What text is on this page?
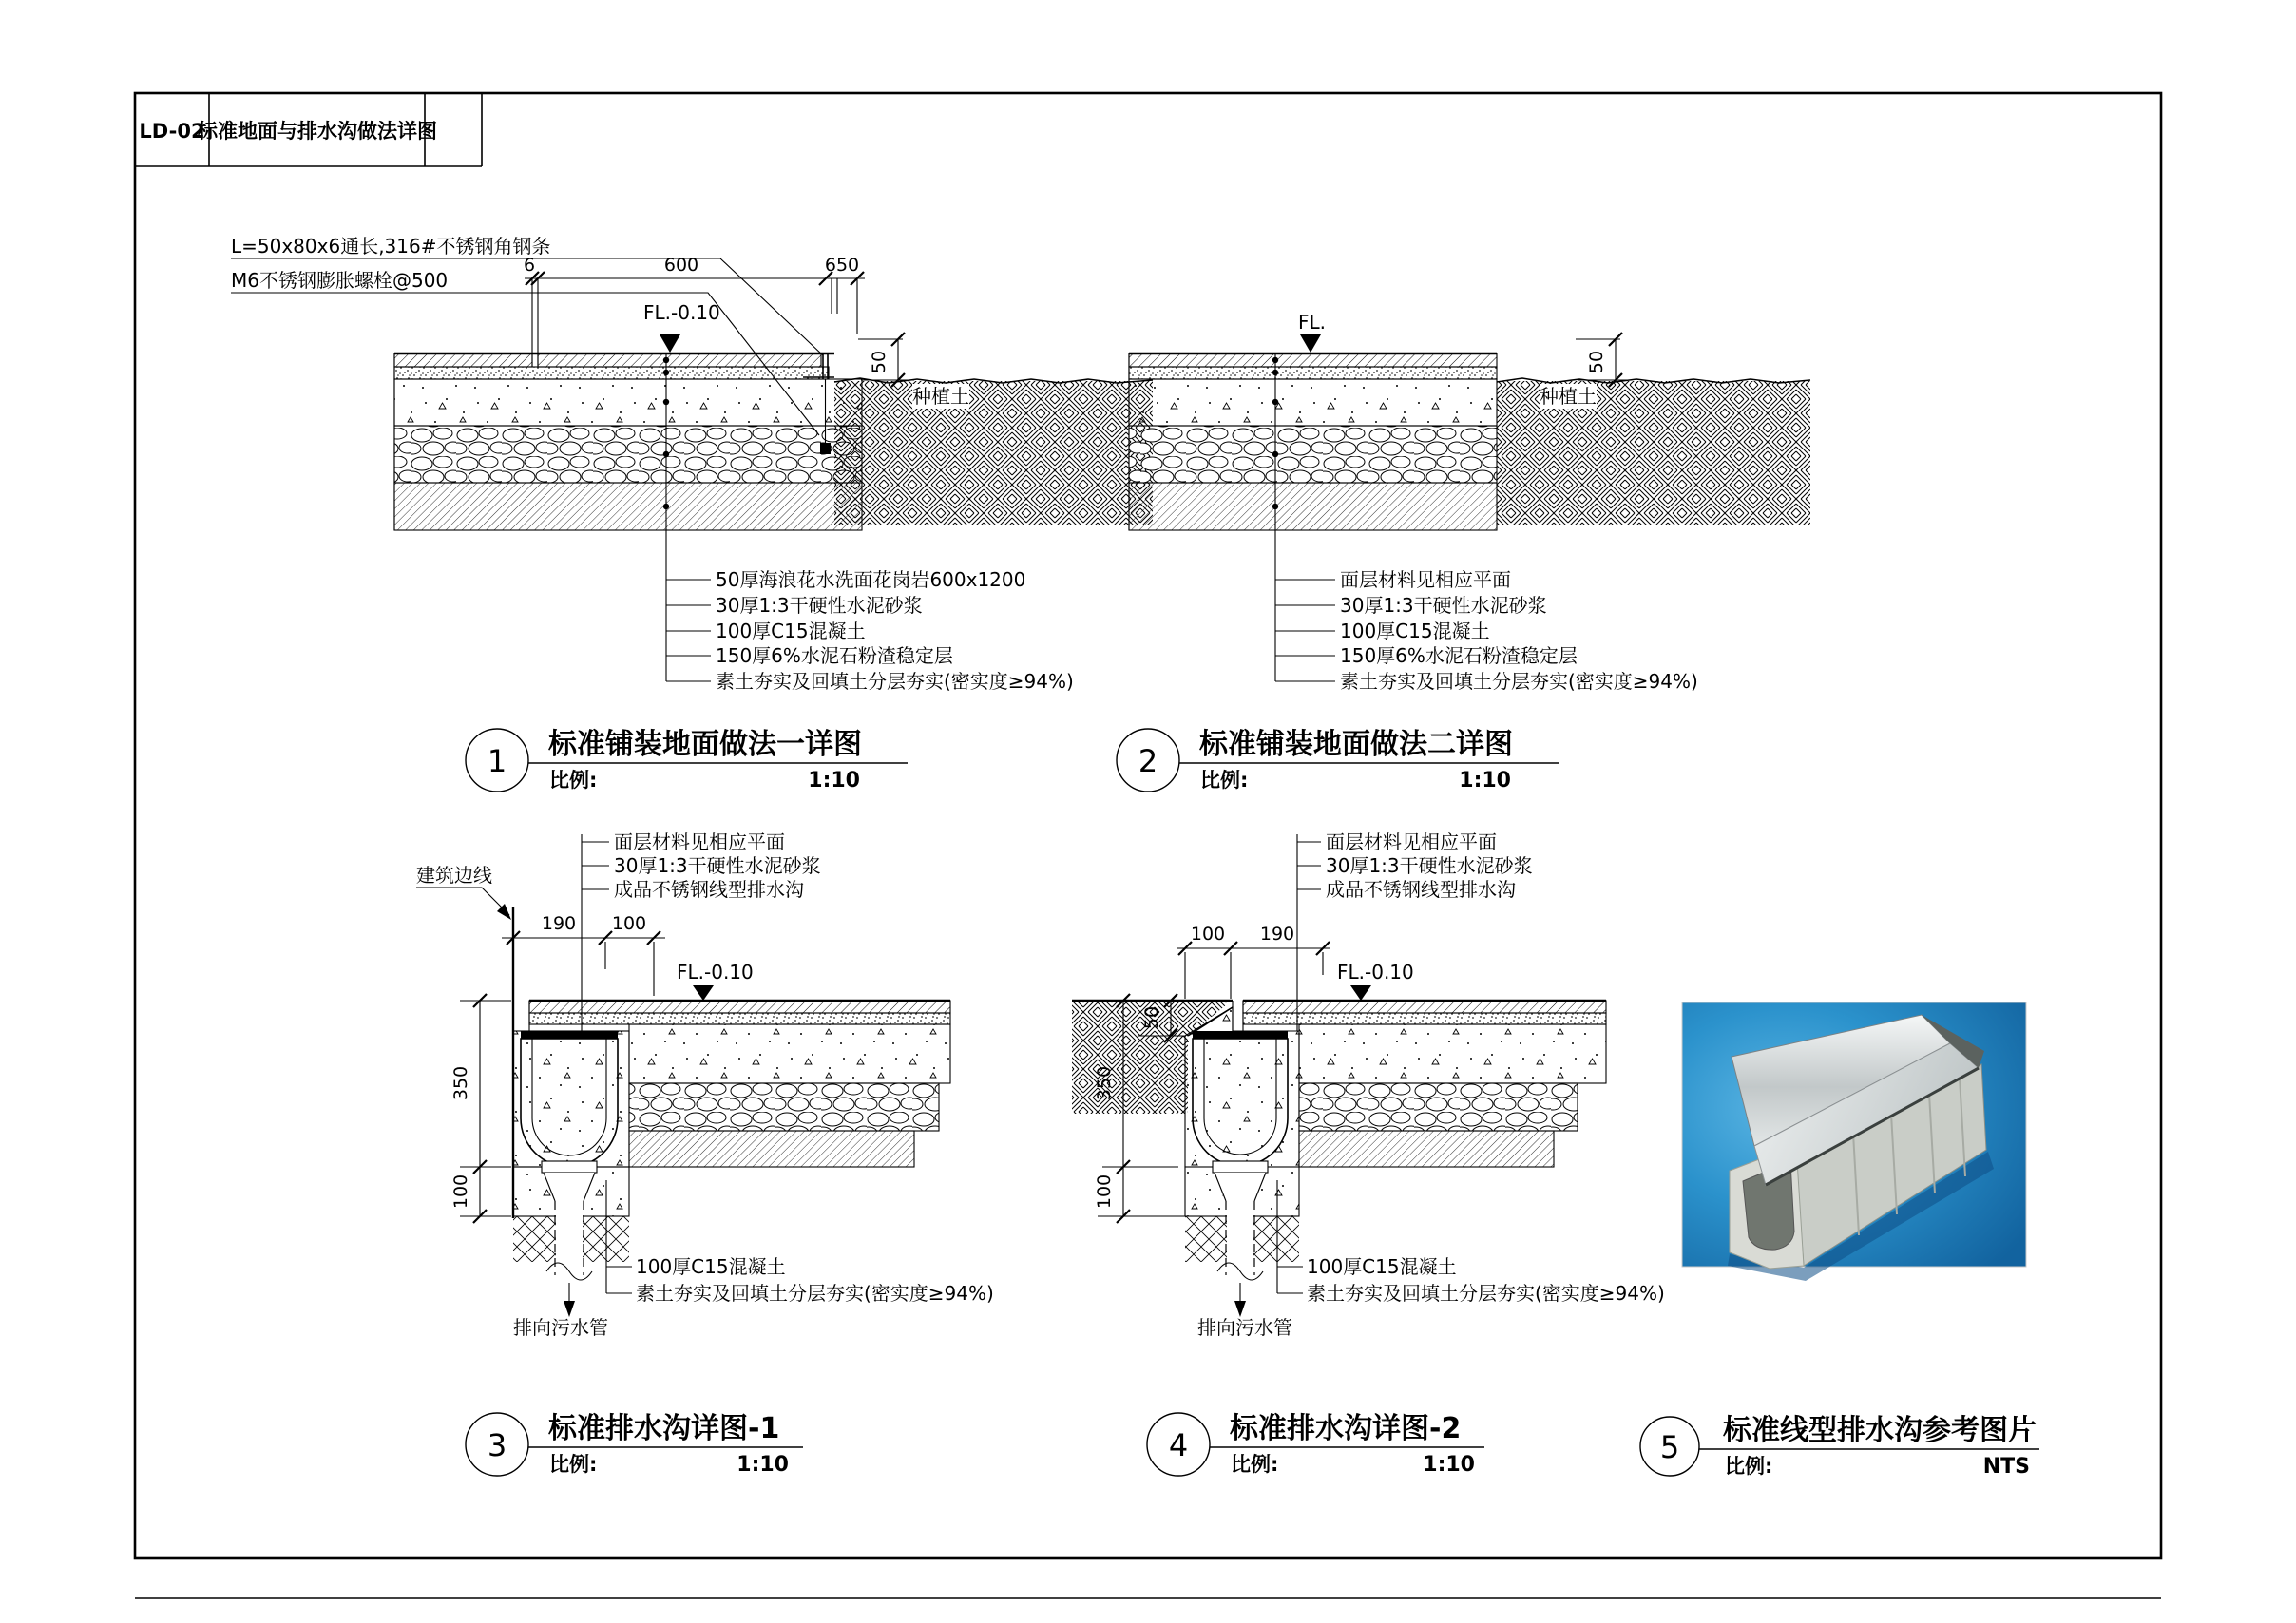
LD-02
标准地面与排水沟做法详图
6	600	650
FL.-0.10
50厚海浪花水洗面花岗岩600x1200
30厚1:3干硬性水泥砂浆
100厚C15混凝土
150厚6%水泥石粉渣稳定层
素土夯实及回填土分层夯实(密实度≥94%)
种植土
50
L=50x80x6通长,316#不锈钢角钢条
M6不锈钢膨胀螺栓@500
1 标准铺装地面做法一详图
比例:	1:10
FL.
面层材料见相应平面
30厚1:3干硬性水泥砂浆
100厚C15混凝土
150厚6%水泥石粉渣稳定层
素土夯实及回填土分层夯实(密实度≥94%)
种植土
50
2 标准铺装地面做法二详图
比例:	1:10
建筑边线
190 100
FL.-0.10
350
100
面层材料见相应平面
30厚1:3干硬性水泥砂浆
成品不锈钢线型排水沟
100厚C15混凝土
素土夯实及回填土分层夯实(密实度≥94%)
排向污水管
3 标准排水沟详图-1
比例:	1:10
100 190
FL.-0.10
350
100
50
面层材料见相应平面
30厚1:3干硬性水泥砂浆
成品不锈钢线型排水沟
100厚C15混凝土
素土夯实及回填土分层夯实(密实度≥94%)
排向污水管
4 标准排水沟详图-2
比例:	1:10	5 标准线型排水沟参考图片
比例:	NTS
